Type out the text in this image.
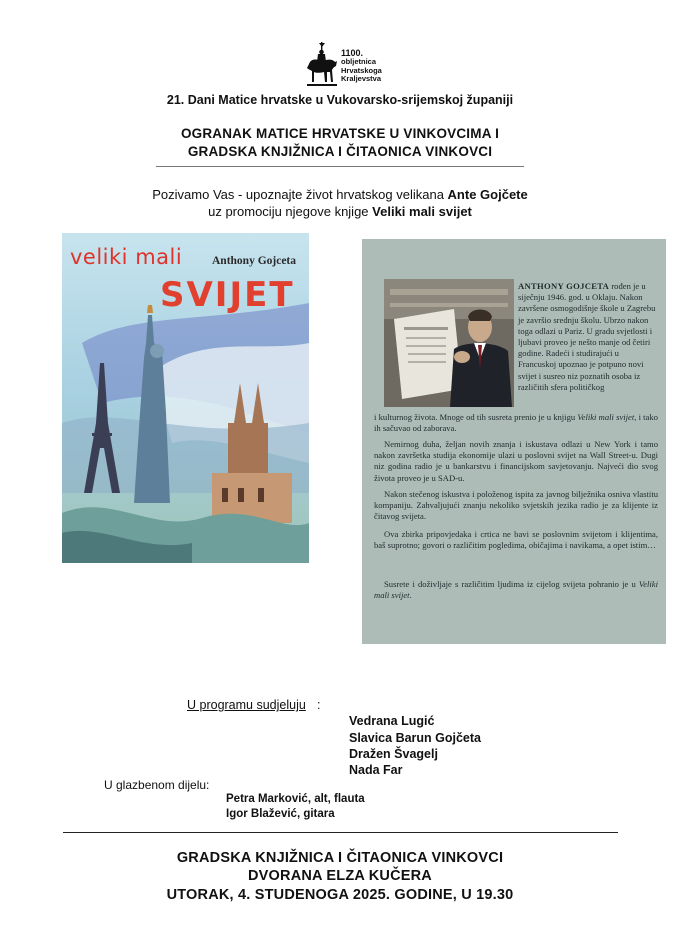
1100.
obljetnica
Hrvatskoga
Kraljevstva
21. Dani Matice hrvatske u Vukovarsko-srijemskoj županiji
OGRANAK MATICE HRVATSKE U VINKOVCIMA I
GRADSKA KNJIŽNICA I ČITAONICA VINKOVCI
Pozivamo Vas - upoznajte život hrvatskog velikana Ante Gojčete
uz promociju njegove knjige Veliki mali svijet
veliki mali	Anthony Gojceta
SVIJET	ANTHONY GOJCETA rođen je u siječnju 1946. god. u Oklaju. Nakon završene osmogodišnje škole u Zagrebu je završio srednju školu. Ubrzo nakon toga odlazi u Pariz. U gradu svjetlosti i ljubavi proveo je nešto manje od četiri godine. Radeći i studirajući u Francuskoj upoznao je potpuno novi svijet i susreo niz poznatih osoba iz različitih sfera političkog
i kulturnog života. Mnoge od tih susreta prenio je u knjigu Veliki mali svijet, i tako ih sačuvao od zaborava.
Nemirnog duha, željan novih znanja i iskustava odlazi u New York i tamo nakon završetka studija ekonomije ulazi u poslovni svijet na Wall Street-u. Dugi niz godina radio je u bankarstvu i financijskom savjetovanju. Najveći dio svog života proveo je u SAD-u.
Nakon stečenog iskustva i položenog ispita za javnog bilježnika osniva vlastitu kompaniju. Zahvaljujući znanju nekoliko svjetskih jezika radio je za klijente iz čitavog svijeta.
Ova zbirka pripovjedaka i crtica ne bavi se poslovnim svijetom i klijentima, baš suprotno; govori o različitim pogledima, običajima i navikama, a opet istim…
Susrete i doživljaje s različitim ljudima iz cijelog svijeta pohranio je u Veliki mali svijet.
U programu sudjeluju :
Vedrana Lugić
Slavica Barun Gojčeta
Dražen Švagelj
Nada Far
U glazbenom dijelu:
Petra Marković, alt, flauta
Igor Blažević, gitara
GRADSKA KNJIŽNICA I ČITAONICA VINKOVCI
DVORANA ELZA KUČERA
UTORAK, 4. STUDENOGA 2025. GODINE, U 19.30
